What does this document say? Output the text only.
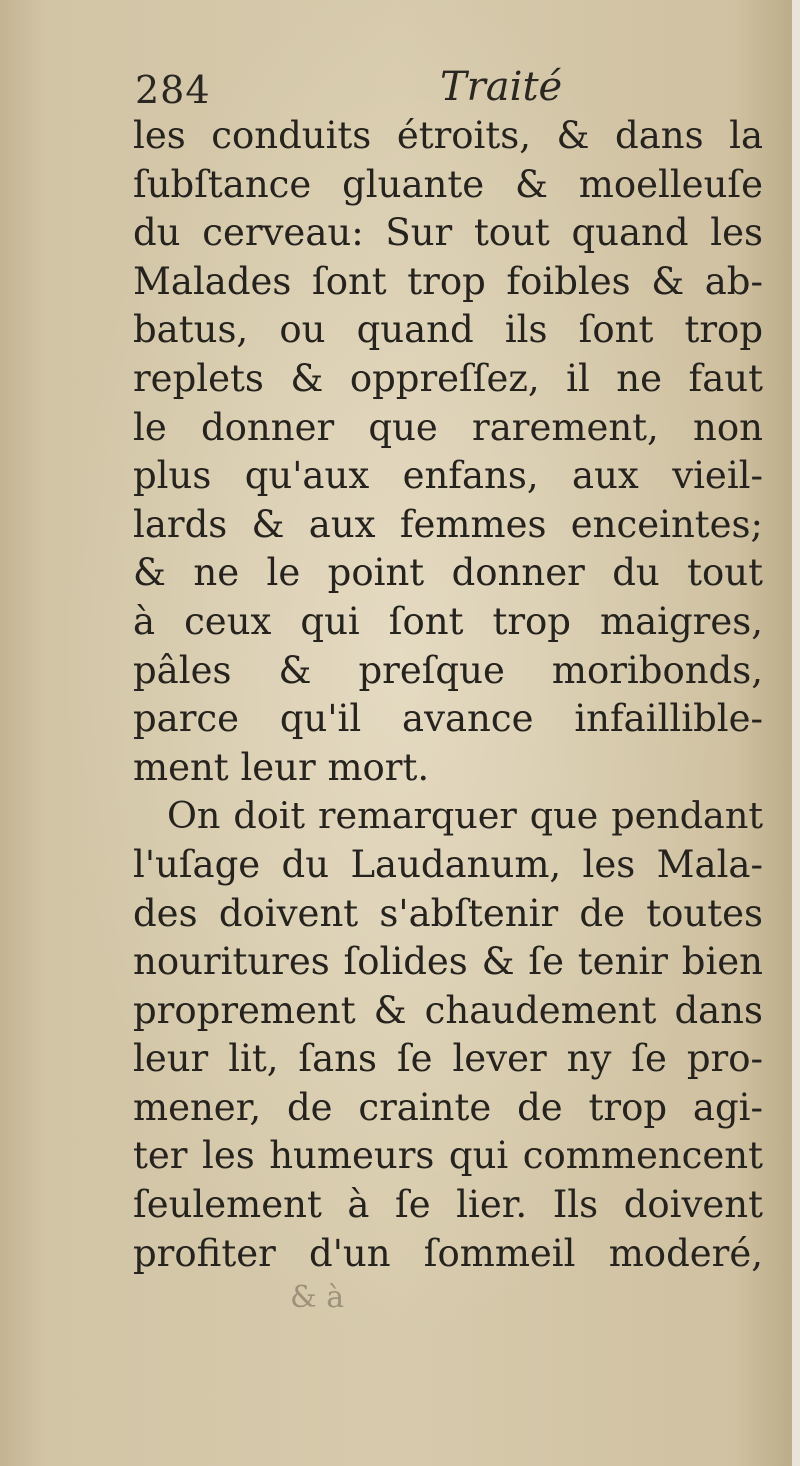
284	Traité
les conduits étroits, & dans la
ſubſtance gluante & moelleuſe
du cerveau: Sur tout quand les
Malades ſont trop foibles & ab-
batus, ou quand ils ſont trop
replets & oppreſſez, il ne faut
le donner que rarement, non
plus qu'aux enfans, aux vieil-
lards & aux femmes enceintes;
& ne le point donner du tout
à ceux qui ſont trop maigres,
pâles & preſque moribonds,
parce qu'il avance infaillible-
ment leur mort.
On doit remarquer que pendant
l'uſage du Laudanum, les Mala-
des doivent s'abſtenir de toutes
nouritures ſolides & ſe tenir bien
proprement & chaudement dans
leur lit, ſans ſe lever ny ſe pro-
mener, de crainte de trop agi-
ter les humeurs qui commencent
ſeulement à ſe lier. Ils doivent
profiter d'un ſommeil moderé,
& à
